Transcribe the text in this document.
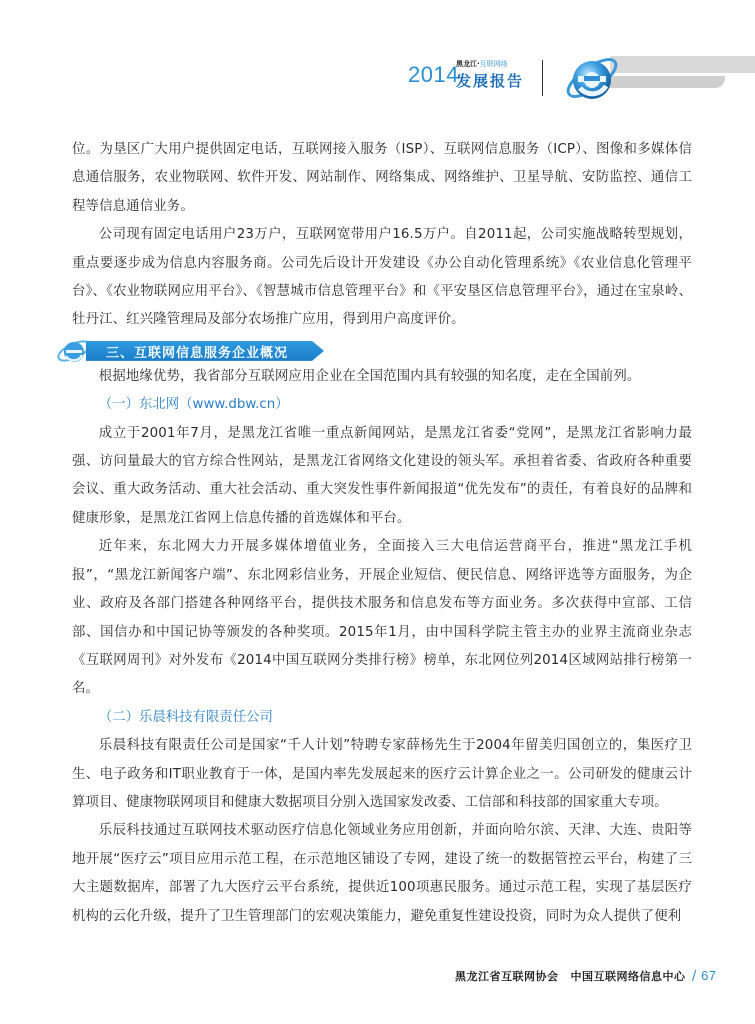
2014
黑龙江·互联网络
发展报告

位。为垦区广大用户提供固定电话，互联网接入服务（ISP）、互联网信息服务（ICP）、图像和多媒体信息通信服务，农业物联网、软件开发、网站制作、网络集成、网络维护、卫星导航、安防监控、通信工程等信息通信业务。

公司现有固定电话用户23万户，互联网宽带用户16.5万户。自2011起，公司实施战略转型规划，重点要逐步成为信息内容服务商。公司先后设计开发建设《办公自动化管理系统》《农业信息化管理平台》、《农业物联网应用平台》、《智慧城市信息管理平台》和《平安垦区信息管理平台》，通过在宝泉岭、牡丹江、红兴隆管理局及部分农场推广应用，得到用户高度评价。

三、互联网信息服务企业概况

根据地缘优势，我省部分互联网应用企业在全国范围内具有较强的知名度，走在全国前列。

（一）东北网（www.dbw.cn）

成立于2001年7月，是黑龙江省唯一重点新闻网站，是黑龙江省委“党网”，是黑龙江省影响力最强、访问量最大的官方综合性网站，是黑龙江省网络文化建设的领头军。承担着省委、省政府各种重要会议、重大政务活动、重大社会活动、重大突发性事件新闻报道“优先发布”的责任，有着良好的品牌和健康形象，是黑龙江省网上信息传播的首选媒体和平台。

近年来，东北网大力开展多媒体增值业务，全面接入三大电信运营商平台，推进“黑龙江手机报”，“黑龙江新闻客户端”、东北网彩信业务，开展企业短信、便民信息、网络评选等方面服务，为企业、政府及各部门搭建各种网络平台，提供技术服务和信息发布等方面业务。多次获得中宣部、工信部、国信办和中国记协等颁发的各种奖项。2015年1月，由中国科学院主管主办的业界主流商业杂志《互联网周刊》对外发布《2014中国互联网分类排行榜》榜单，东北网位列2014区域网站排行榜第一名。

（二）乐晨科技有限责任公司

乐晨科技有限责任公司是国家“千人计划”特聘专家薛杨先生于2004年留美归国创立的，集医疗卫生、电子政务和IT职业教育于一体，是国内率先发展起来的医疗云计算企业之一。公司研发的健康云计算项目、健康物联网项目和健康大数据项目分别入选国家发改委、工信部和科技部的国家重大专项。

乐辰科技通过互联网技术驱动医疗信息化领域业务应用创新，并面向哈尔滨、天津、大连、贵阳等地开展“医疗云”项目应用示范工程，在示范地区铺设了专网，建设了统一的数据管控云平台，构建了三大主题数据库，部署了九大医疗云平台系统，提供近100项惠民服务。通过示范工程，实现了基层医疗机构的云化升级，提升了卫生管理部门的宏观决策能力，避免重复性建设投资，同时为众人提供了便利

黑龙江省互联网协会 中国互联网络信息中心 / 67
